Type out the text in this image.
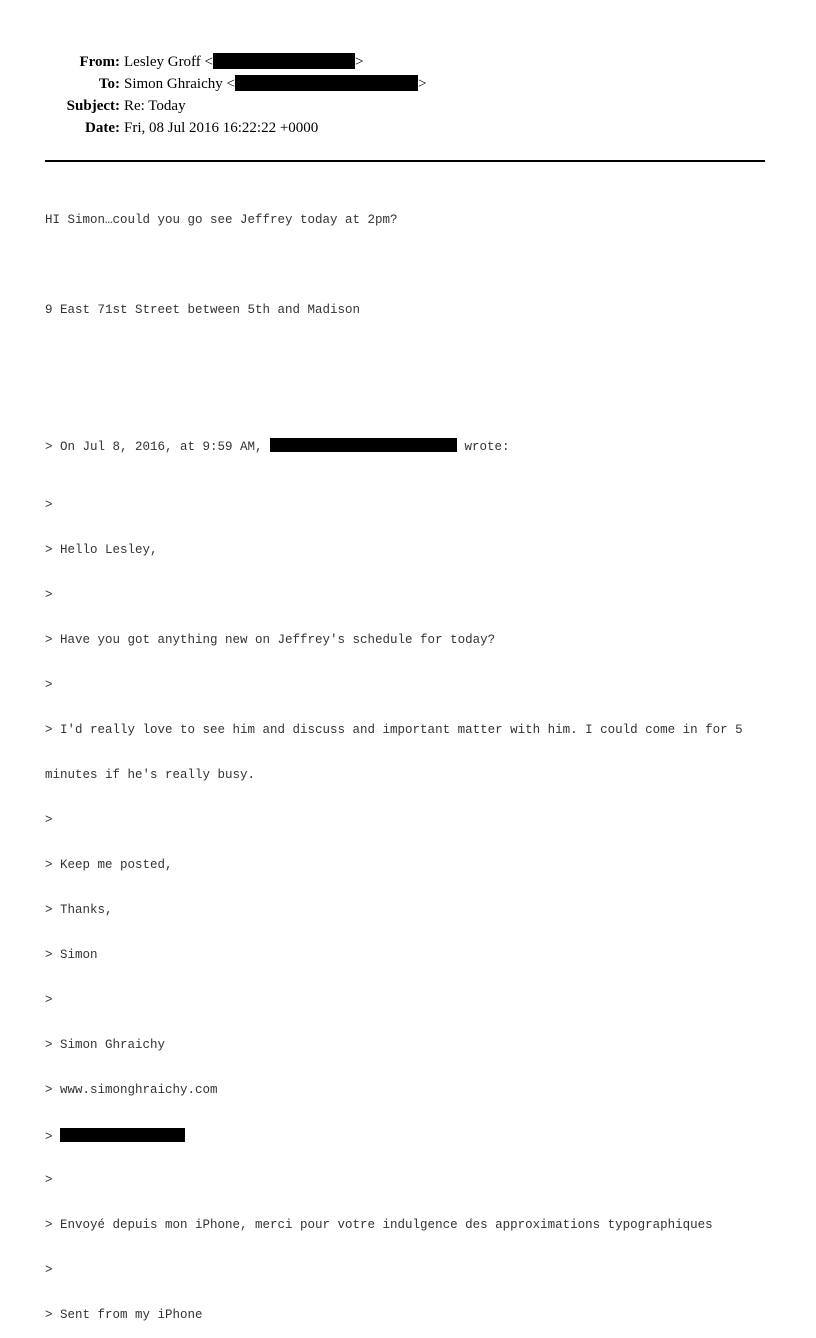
From: Lesley Groff <	>
To: Simon Ghraichy <	>
Subject: Re: Today
Date: Fri, 08 Jul 2016 16:22:22 +0000

HI Simon…could you go see Jeffrey today at 2pm?

9 East 71st Street between 5th and Madison

> On Jul 8, 2016, at 9:59 AM,	wrote:

>

> Hello Lesley,

>

> Have you got anything new on Jeffrey's schedule for today?

>

> I'd really love to see him and discuss and important matter with him. I could come in for 5

minutes if he's really busy.

>

> Keep me posted,

> Thanks,

> Simon

>

> Simon Ghraichy

> www.simonghraichy.com

>

>

> Envoyé depuis mon iPhone, merci pour votre indulgence des approximations typographiques

>

> Sent from my iPhone
